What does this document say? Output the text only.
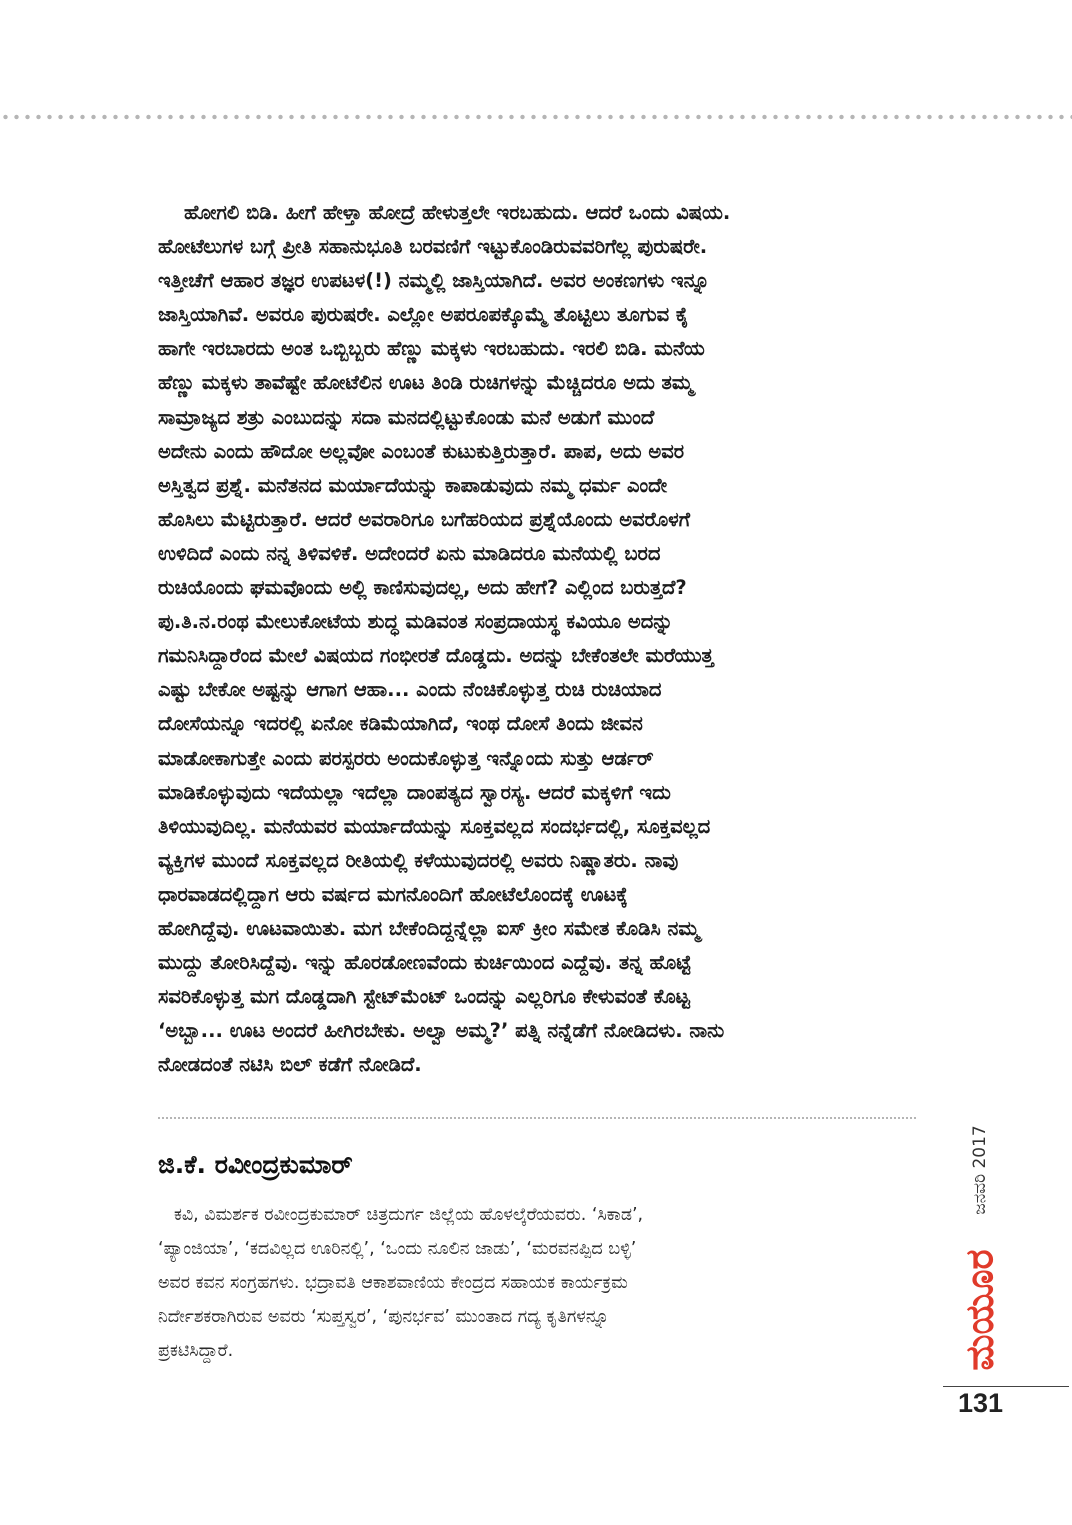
ಹೋಗಲಿ ಬಿಡಿ. ಹೀಗೆ ಹೇಳ್ತಾ ಹೋದ್ರೆ ಹೇಳುತ್ತಲೇ ಇರಬಹುದು. ಆದರೆ ಒಂದು ವಿಷಯ.
ಹೋಟೆಲುಗಳ ಬಗ್ಗೆ ಪ್ರೀತಿ ಸಹಾನುಭೂತಿ ಬರವಣಿಗೆ ಇಟ್ಟುಕೊಂಡಿರುವವರಿಗೆಲ್ಲ ಪುರುಷರೇ.
ಇತ್ತೀಚೆಗೆ ಆಹಾರ ತಜ್ಞರ ಉಪಟಳ(!) ನಮ್ಮಲ್ಲಿ ಜಾಸ್ತಿಯಾಗಿದೆ. ಅವರ ಅಂಕಣಗಳು ಇನ್ನೂ
ಜಾಸ್ತಿಯಾಗಿವೆ. ಅವರೂ ಪುರುಷರೇ. ಎಲ್ಲೋ ಅಪರೂಪಕ್ಕೊಮ್ಮೆ ತೊಟ್ಟಿಲು ತೂಗುವ ಕೈ
ಹಾಗೇ ಇರಬಾರದು ಅಂತ ಒಬ್ಬಿಬ್ಬರು ಹೆಣ್ಣು ಮಕ್ಕಳು ಇರಬಹುದು. ಇರಲಿ ಬಿಡಿ. ಮನೆಯ
ಹೆಣ್ಣು ಮಕ್ಕಳು ತಾವೆಷ್ಟೇ ಹೋಟೆಲಿನ ಊಟ ತಿಂಡಿ ರುಚಿಗಳನ್ನು ಮೆಚ್ಚಿದರೂ ಅದು ತಮ್ಮ
ಸಾಮ್ರಾಜ್ಯದ ಶತ್ರು ಎಂಬುದನ್ನು ಸದಾ ಮನದಲ್ಲಿಟ್ಟುಕೊಂಡು ಮನೆ ಅಡುಗೆ ಮುಂದೆ
ಅದೇನು ಎಂದು ಹೌದೋ ಅಲ್ಲವೋ ಎಂಬಂತೆ ಕುಟುಕುತ್ತಿರುತ್ತಾರೆ. ಪಾಪ, ಅದು ಅವರ
ಅಸ್ತಿತ್ವದ ಪ್ರಶ್ನೆ. ಮನೆತನದ ಮರ್ಯಾದೆಯನ್ನು ಕಾಪಾಡುವುದು ನಮ್ಮ ಧರ್ಮ ಎಂದೇ
ಹೊಸಿಲು ಮೆಟ್ಟಿರುತ್ತಾರೆ. ಆದರೆ ಅವರಾರಿಗೂ ಬಗೆಹರಿಯದ ಪ್ರಶ್ನೆಯೊಂದು ಅವರೊಳಗೆ
ಉಳಿದಿದೆ ಎಂದು ನನ್ನ ತಿಳಿವಳಿಕೆ. ಅದೇಂದರೆ ಏನು ಮಾಡಿದರೂ ಮನೆಯಲ್ಲಿ ಬರದ
ರುಚಿಯೊಂದು ಘಮವೊಂದು ಅಲ್ಲಿ ಕಾಣಿಸುವುದಲ್ಲ, ಅದು ಹೇಗೆ? ಎಲ್ಲಿಂದ ಬರುತ್ತದೆ?
ಪು.ತಿ.ನ.ರಂಥ ಮೇಲುಕೋಟೆಯ ಶುದ್ಧ ಮಡಿವಂತ ಸಂಪ್ರದಾಯಸ್ಥ ಕವಿಯೂ ಅದನ್ನು
ಗಮನಿಸಿದ್ದಾರೆಂದ ಮೇಲೆ ವಿಷಯದ ಗಂಭೀರತೆ ದೊಡ್ಡದು. ಅದನ್ನು ಬೇಕೆಂತಲೇ ಮರೆಯುತ್ತ
ಎಷ್ಟು ಬೇಕೋ ಅಷ್ಟನ್ನು ಆಗಾಗ ಆಹಾ... ಎಂದು ನೆಂಚಿಕೊಳ್ಳುತ್ತ ರುಚಿ ರುಚಿಯಾದ
ದೋಸೆಯನ್ನೂ ಇದರಲ್ಲಿ ಏನೋ ಕಡಿಮೆಯಾಗಿದೆ, ಇಂಥ ದೋಸೆ ತಿಂದು ಜೀವನ
ಮಾಡೋಕಾಗುತ್ತೇ ಎಂದು ಪರಸ್ಪರರು ಅಂದುಕೊಳ್ಳುತ್ತ ಇನ್ನೊಂದು ಸುತ್ತು ಆರ್ಡರ್
ಮಾಡಿಕೊಳ್ಳುವುದು ಇದೆಯಲ್ಲಾ ಇದೆಲ್ಲಾ ದಾಂಪತ್ಯದ ಸ್ವಾರಸ್ಯ. ಆದರೆ ಮಕ್ಕಳಿಗೆ ಇದು
ತಿಳಿಯುವುದಿಲ್ಲ. ಮನೆಯವರ ಮರ್ಯಾದೆಯನ್ನು ಸೂಕ್ತವಲ್ಲದ ಸಂದರ್ಭದಲ್ಲಿ, ಸೂಕ್ತವಲ್ಲದ
ವ್ಯಕ್ತಿಗಳ ಮುಂದೆ ಸೂಕ್ತವಲ್ಲದ ರೀತಿಯಲ್ಲಿ ಕಳೆಯುವುದರಲ್ಲಿ ಅವರು ನಿಷ್ಣಾತರು. ನಾವು
ಧಾರವಾಡದಲ್ಲಿದ್ದಾಗ ಆರು ವರ್ಷದ ಮಗನೊಂದಿಗೆ ಹೋಟೆಲೊಂದಕ್ಕೆ ಊಟಕ್ಕೆ
ಹೋಗಿದ್ದೆವು. ಊಟವಾಯಿತು. ಮಗ ಬೇಕೆಂದಿದ್ದನ್ನೆಲ್ಲಾ ಐಸ್ ಕ್ರೀಂ ಸಮೇತ ಕೊಡಿಸಿ ನಮ್ಮ
ಮುದ್ದು ತೋರಿಸಿದ್ದೆವು. ಇನ್ನು ಹೊರಡೋಣವೆಂದು ಕುರ್ಚಿಯಿಂದ ಎದ್ದೆವು. ತನ್ನ ಹೊಟ್ಟೆ
ಸವರಿಕೊಳ್ಳುತ್ತ ಮಗ ದೊಡ್ಡದಾಗಿ ಸ್ಟೇಟ್‌ಮೆಂಟ್ ಒಂದನ್ನು ಎಲ್ಲರಿಗೂ ಕೇಳುವಂತೆ ಕೊಟ್ಟ
‘ಅಬ್ಬಾ... ಊಟ ಅಂದರೆ ಹೀಗಿರಬೇಕು. ಅಲ್ವಾ ಅಮ್ಮ?’ ಪತ್ನಿ ನನ್ನೆಡೆಗೆ ನೋಡಿದಳು. ನಾನು
ನೋಡದಂತೆ ನಟಿಸಿ ಬಿಲ್ ಕಡೆಗೆ ನೋಡಿದೆ.
ಜಿ.ಕೆ. ರವೀಂದ್ರಕುಮಾರ್
ಕವಿ, ವಿಮರ್ಶಕ ರವೀಂದ್ರಕುಮಾರ್ ಚಿತ್ರದುರ್ಗ ಜಿಲ್ಲೆಯ ಹೊಳಲ್ಕೆರೆಯವರು. ‘ಸಿಕಾಡ’,
‘ಪ್ಯಾಂಜಿಯಾ’, ‘ಕದವಿಲ್ಲದ ಊರಿನಲ್ಲಿ’, ‘ಒಂದು ನೂಲಿನ ಜಾಡು’, ‘ಮರವನಪ್ಪಿದ ಬಳ್ಳಿ’
ಅವರ ಕವನ ಸಂಗ್ರಹಗಳು. ಭದ್ರಾವತಿ ಆಕಾಶವಾಣಿಯ ಕೇಂದ್ರದ ಸಹಾಯಕ ಕಾರ್ಯಕ್ರಮ
ನಿರ್ದೇಶಕರಾಗಿರುವ ಅವರು ‘ಸುಪ್ತಸ್ವರ’, ‘ಪುನರ್ಭವ’ ಮುಂತಾದ ಗದ್ಯ ಕೃತಿಗಳನ್ನೂ
ಪ್ರಕಟಿಸಿದ್ದಾರೆ.
ಜನವರಿ 2017
ಮಯೂರ
131
